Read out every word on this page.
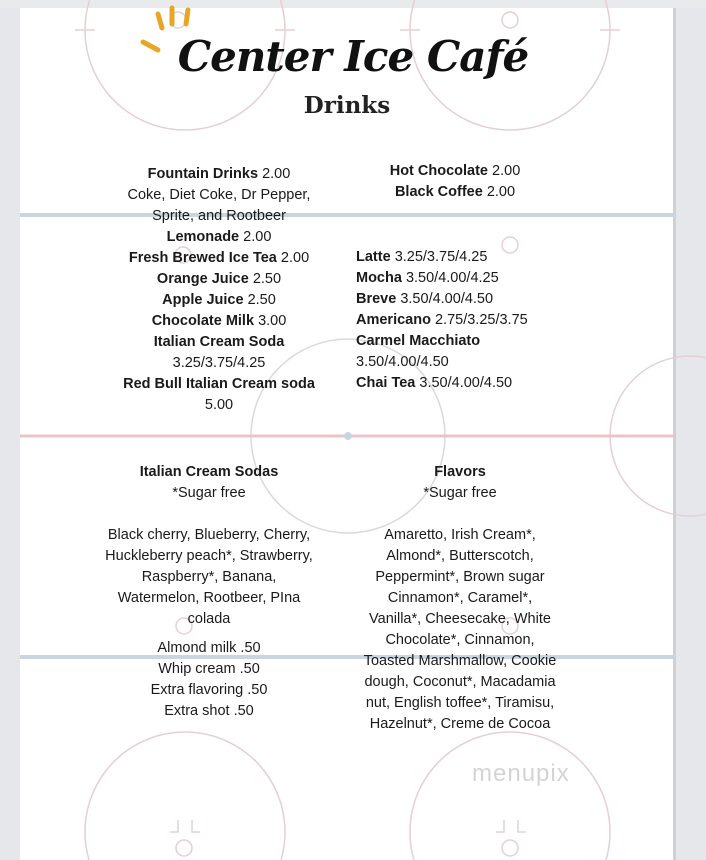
Center Ice Café
Drinks
Fountain Drinks 2.00
Coke, Diet Coke, Dr Pepper,
Sprite, and Rootbeer
Lemonade 2.00
Fresh Brewed Ice Tea 2.00
Orange Juice 2.50
Apple Juice 2.50
Chocolate Milk 3.00
Italian Cream Soda
3.25/3.75/4.25
Red Bull Italian Cream soda
5.00
Hot Chocolate 2.00
Black Coffee 2.00
Latte 3.25/3.75/4.25
Mocha 3.50/4.00/4.25
Breve 3.50/4.00/4.50
Americano 2.75/3.25/3.75
Carmel Macchiato
3.50/4.00/4.50
Chai Tea 3.50/4.00/4.50
Italian Cream Sodas
*Sugar free
Black cherry, Blueberry, Cherry,
Huckleberry peach*, Strawberry,
Raspberry*, Banana,
Watermelon, Rootbeer, PIna
colada
Almond milk .50
Whip cream .50
Extra flavoring .50
Extra shot .50
Flavors
*Sugar free
Amaretto, Irish Cream*,
Almond*, Butterscotch,
Peppermint*, Brown sugar
Cinnamon*, Caramel*,
Vanilla*, Cheesecake, White
Chocolate*, Cinnamon,
Toasted Marshmallow, Cookie
dough, Coconut*, Macadamia
nut, English toffee*, Tiramisu,
Hazelnut*, Creme de Cocoa
menupix
